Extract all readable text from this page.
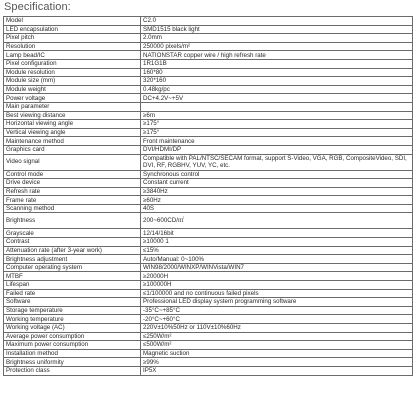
Specification:
Model	C2.0
LED encapsulation	SMD1515 black light
Pixel pitch	2.0mm
Resolution	250000 pixels/m²
Lamp bead/IC	NATIONSTAR copper wire / high refresh rate
Pixel configuration	1R1G1B
Module resolution	160*80
Module size (mm)	320*160
Module weight	0.48kg/pc
Power voltage	DC+4.2V~+5V
Main parameter	
Best viewing distance	≥6m
Horizontal viewing angle	≥175°
Vertical viewing angle	≥175°
Maintenance method	Front maintenance
Graphics card	DVI/HDMI/DP
Video signal	Compatible with PAL/NTSC/SECAM format, support S-Video, VGA, RGB, CompositeVideo, SDI, DVI, RF, RGBHV, YUV, YC, etc.
Control mode	Synchronous control
Drive device	Constant current
Refresh rate	≥3840Hz
Frame rate	≥60Hz
Scanning method	40S
Brightness	200~600CD/㎡
Grayscale	12/14/16bit
Contrast	≥10000 1
Attenuation rate (after 3-year work)	≤15%
Brightness adjustment	Auto/Manual: 0~100%
Computer operating system	WIN98/2000/WINXP/WINVista/WIN7
MTBF	≥20000H
Lifespan	≥100000H
Failed rate	≤1/100000 and no continuous failed pixels
Software	Professional LED display system programming software
Storage temperature	-35°C~+85°C
Working temperature	-20°C~+60°C
Working voltage (AC)	220V±10%50Hz or 110V±10%60Hz
Average power consumption	≤250W/m²
Maximum power consumption	≤500W/m²
Installation method	Magnetic suction
Brightness uniformity	≥99%
Protection class	IP5X
